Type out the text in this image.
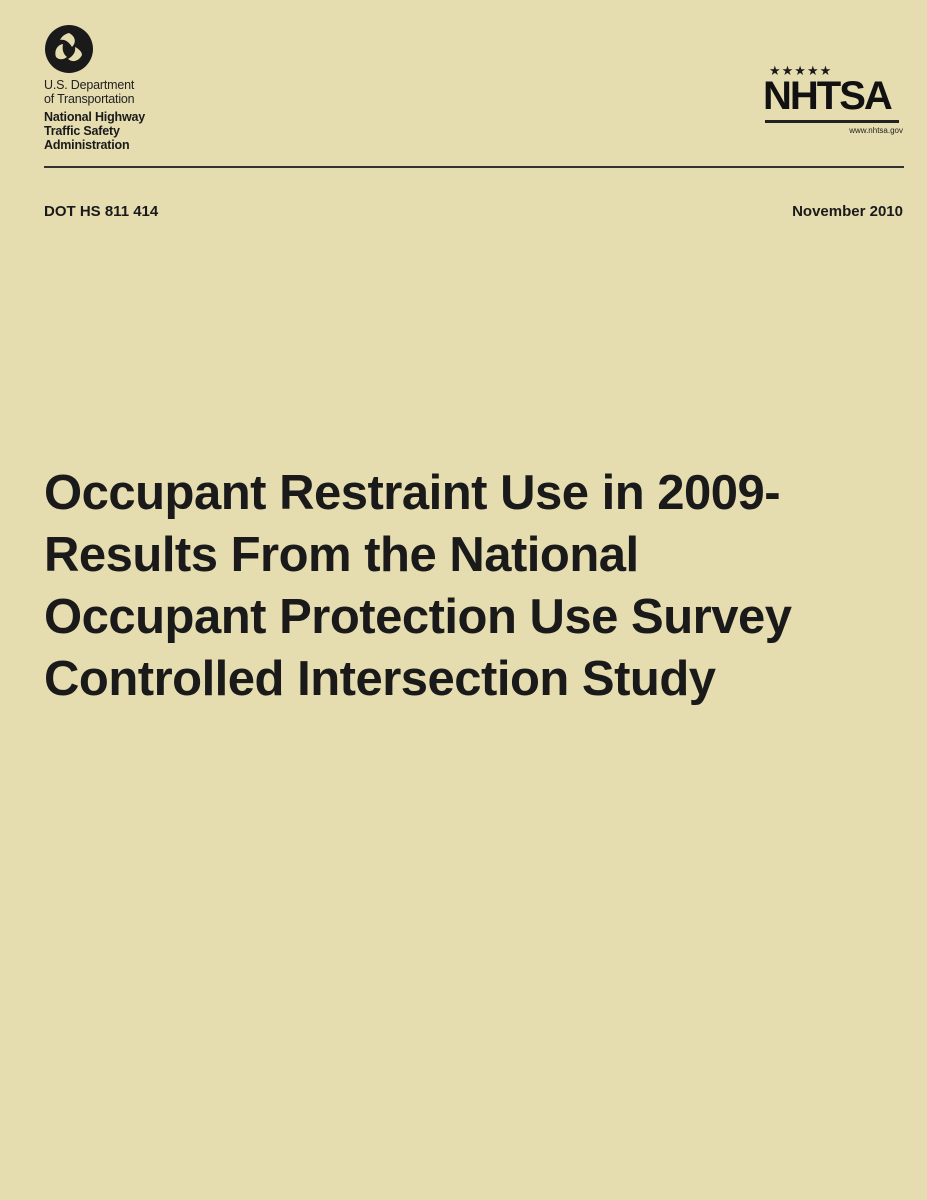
U.S. Department
of Transportation
National Highway
Traffic Safety
Administration
★★★★★
NHTSA
www.nhtsa.gov
DOT HS 811 414	November 2010
Occupant Restraint Use in 2009-
Results From the National
Occupant Protection Use Survey
Controlled Intersection Study
